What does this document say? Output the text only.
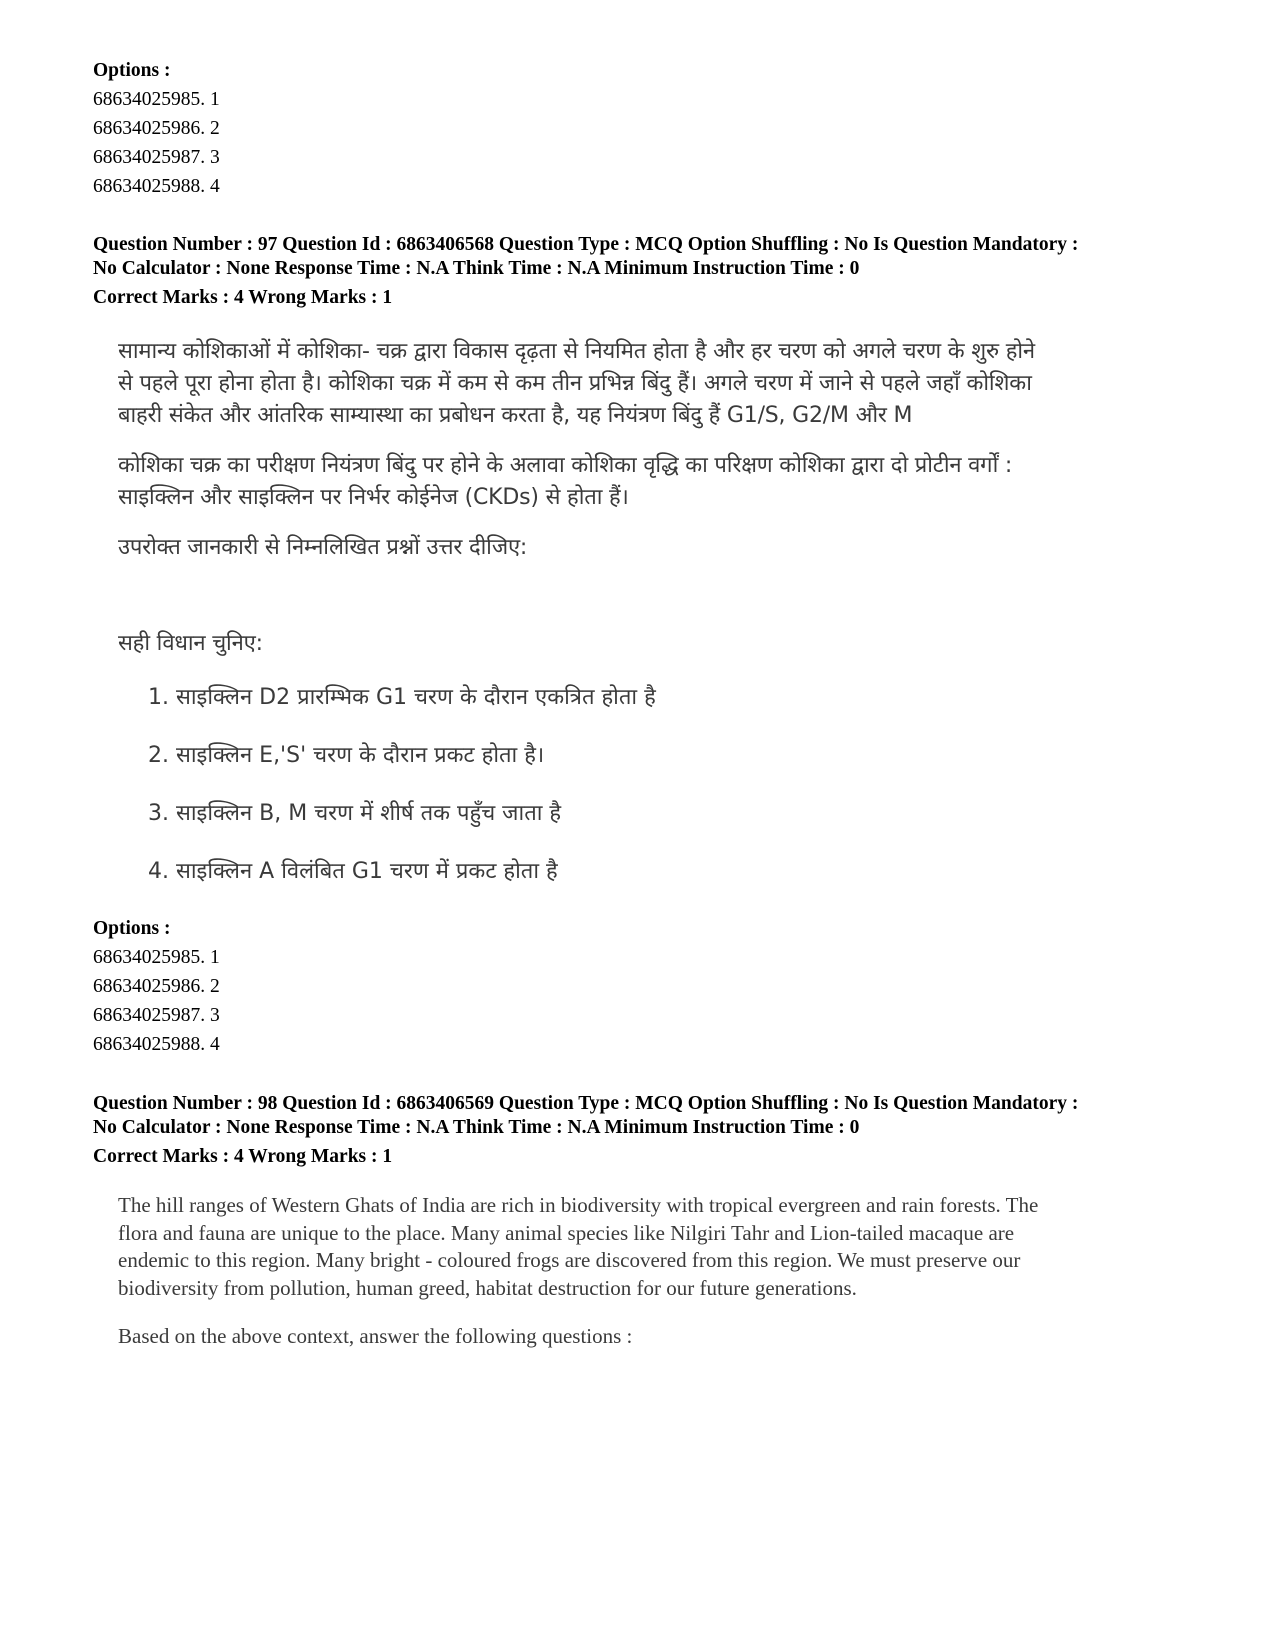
Options :
68634025985. 1
68634025986. 2
68634025987. 3
68634025988. 4
Question Number : 97 Question Id : 6863406568 Question Type : MCQ Option Shuffling : No Is Question Mandatory :
No Calculator : None Response Time : N.A Think Time : N.A Minimum Instruction Time : 0
Correct Marks : 4 Wrong Marks : 1
सामान्य कोशिकाओं में कोशिका- चक्र द्वारा विकास दृढ़ता से नियमित होता है और हर चरण को अगले चरण के शुरु होने
से पहले पूरा होना होता है। कोशिका चक्र में कम से कम तीन प्रभिन्न बिंदु हैं। अगले चरण में जाने से पहले जहाँ कोशिका
बाहरी संकेत और आंतरिक साम्यास्था का प्रबोधन करता है, यह नियंत्रण बिंदु हैं G1/S, G2/M और M
कोशिका चक्र का परीक्षण नियंत्रण बिंदु पर होने के अलावा कोशिका वृद्धि का परिक्षण कोशिका द्वारा दो प्रोटीन वर्गों :
साइक्लिन और साइक्लिन पर निर्भर कोईनेज (CKDs) से होता हैं।
उपरोक्त जानकारी से निम्नलिखित प्रश्नों उत्तर दीजिए:
सही विधान चुनिए:
1. साइक्लिन D2 प्रारम्भिक G1 चरण के दौरान एकत्रित होता है
2. साइक्लिन E,'S' चरण के दौरान प्रकट होता है।
3. साइक्लिन B, M चरण में शीर्ष तक पहुँच जाता है
4. साइक्लिन A विलंबित G1 चरण में प्रकट होता है
Options :
68634025985. 1
68634025986. 2
68634025987. 3
68634025988. 4
Question Number : 98 Question Id : 6863406569 Question Type : MCQ Option Shuffling : No Is Question Mandatory :
No Calculator : None Response Time : N.A Think Time : N.A Minimum Instruction Time : 0
Correct Marks : 4 Wrong Marks : 1
The hill ranges of Western Ghats of India are rich in biodiversity with tropical evergreen and rain forests. The
flora and fauna are unique to the place. Many animal species like Nilgiri Tahr and Lion-tailed macaque are
endemic to this region. Many bright - coloured frogs are discovered from this region. We must preserve our
biodiversity from pollution, human greed, habitat destruction for our future generations.
Based on the above context, answer the following questions :
